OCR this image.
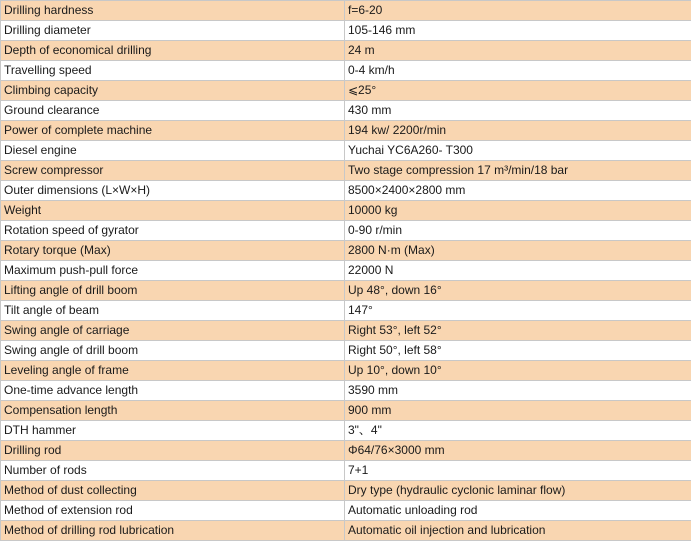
Drilling hardness	f=6-20
Drilling diameter	105-146 mm
Depth of economical drilling	24 m
Travelling speed	0-4 km/h
Climbing capacity	⩽25°
Ground clearance	430 mm
Power of complete machine	194 kw/ 2200r/min
Diesel engine	Yuchai YC6A260- T300
Screw compressor	Two stage compression 17 m³/min/18 bar
Outer dimensions (L×W×H)	8500×2400×2800 mm
Weight	10000 kg
Rotation speed of gyrator	0-90 r/min
Rotary torque (Max)	2800 N·m (Max)
Maximum push-pull force	22000 N
Lifting angle of drill boom	Up 48°, down 16°
Tilt angle of beam	147°
Swing angle of carriage	Right 53°, left 52°
Swing angle of drill boom	Right 50°, left 58°
Leveling angle of frame	Up 10°, down 10°
One-time advance length	3590 mm
Compensation length	900 mm
DTH hammer	3"、4"
Drilling rod	Φ64/76×3000 mm
Number of rods	7+1
Method of dust collecting	Dry type (hydraulic cyclonic laminar flow)
Method of extension rod	Automatic unloading rod
Method of drilling rod lubrication	Automatic oil injection and lubrication
